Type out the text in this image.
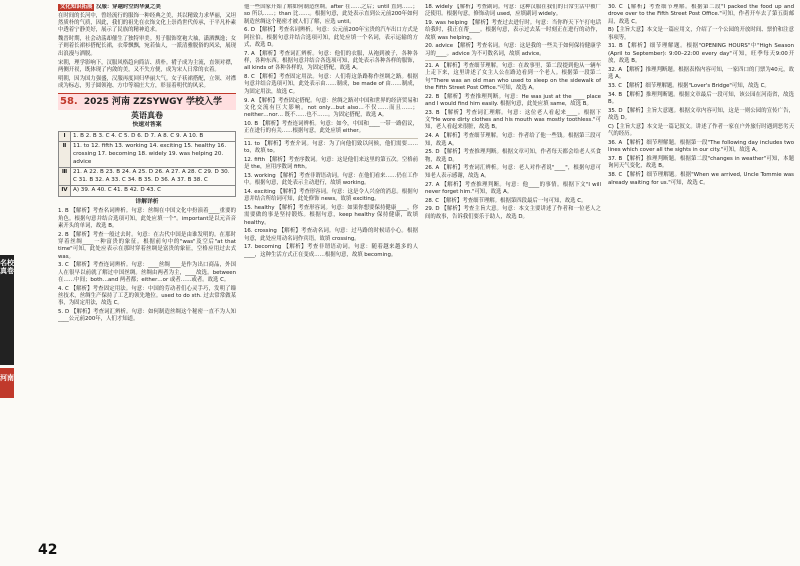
名校真卷
河南
文化知识拓展 汉服：穿越时空的华夏之美
在时间的长河中，曾经流行的服饰一种经典之美，其以精致力求华丽，又坦然质朴的气质，因此，我们的祖先在衣饰文化上崇尚世代传承，于平凡朴素中透着宁静美好，展示了民族的精神追求。
魏晋时期，社会动荡却催生了独特审美。男子服饰宽袍大袖，潇洒飘逸；女子则着长裙衫搭配长裙，衣带飘飘，宛若仙人，一派清雅脱俗的风采，展现出浪漫与洒脱。
宋朝，理学影响下，汉服风格趋向简洁、质朴。褙子成为主流，直领对襟，两侧开衩，既体现了内敛的美，又不失方便，成为宋人日常的衣着。
明朝，因为国力强盛，汉服再度回归华丽大气。女子袄裙搭配，立领、对襟成为标志，男子圆领袍、方巾等端庄大方，彰显着明代的风采。
58. 2025 河南 ZZSYWGY 学校入学
英语真卷
快速对答案
Ⅰ	1. B 2. B 3. C 4. C 5. D 6. D 7. A 8. C 9. A 10. B
Ⅱ	11. to 12. fifth 13. working 14. exciting 15. healthy 16. crossing 17. becoming 18. widely 19. was helping 20. advice
Ⅲ	21. A 22. B 23. B 24. A 25. D 26. A 27. A 28. C 29. D 30. C 31. B 32. A 33. C 34. B 35. D 36. A 37. B 38. C
Ⅳ	A) 39. A 40. C 41. B 42. D 43. C
详解详析
1. B 【解析】考查名词辨析。句意：丝绸在中国文化中扮演着____重要的角色。根据句意并结合选项可知，此处应填一个"。important是以元音音素开头的单词，故选 B。
2. B 【解析】考查一般过去时。句意：在古代中国是由谁发明的。在那时穿着丝绸____一种富贵的象征。根据前句中的"was"及空后"at that time"可知，此处应表示在那时穿着丝绸是富贵的象征，空格应用过去式 was。
3. C 【解析】考查连词辨析。句意：____丝绸____是作为出口商品，外国人在很早以前就了解过中国丝绸。丝绸由两者为主，____故选。between 在……中间；both…and 两者都；either…or 或者……或者。故选 C。
4. C 【解析】考查固定用法。句意：中国的劳动者们心灵手巧，发明了缫丝技术，丝绸生产保持了工艺的领先地位。used to do sth. 过去常常做某事，为固定用法，故选 C。
5. D 【解析】考查词汇辨析。句意：如何制造丝绸这个秘密一直不为人知____公元前200年，人们才知道。
他一些国家开始了解如何制造丝绸。after 在……之后；until 直到……；so 所以……；than 比……。根据句意，此处表示直到公元前200年如何制造丝绸这个秘密才被人们了解，应选 until。
6. D 【解析】考查名词辨析。句意：公元前200年宝贵的汽车出口方式是阿拉伯。根据句意并结合选项可知，此处应填一个名词，表示运输的方式，故选 D。
7. A 【解析】考查词汇辨析。句意：他们的衣服，从袍到被子，各种各样，各种东西。根据句意并结合各选项可知，此处表示各种各样的服饰，all kinds of 各种各样的，为固定搭配，故选 A。
8. C 【解析】考查固定用法。句意：人们将这条路称作丝绸之路。根据句意并结合选项可知，此处表示由……制成，be made of 由……制成，为固定用法，故选 C。
9. A 【解析】考查固定搭配。句意：丝绸之路对中国和世界的经济贸易和文化交流有巨大影响。not only…but also…不仅……而且……；neither…nor… 既不……也不……。为固定搭配，故选 A。
10. B 【解析】考查连词辨析。句意：如今，中国和____一带一路倡议，正在进行的有关……根据句意，此处应填 either。
11. to 【解析】考查介词。句意：为了向他们致以问候，他们需要……to，故填 to。
12. fifth 【解析】考查序数词。句意：这是他们来这里的第五次。空格前是 the，应用序数词 fifth。
13. working 【解析】考查非谓语动词。句意：在他们看来……仍在工作中。根据句意，此处表示主动进行，故填 working。
14. exciting 【解析】考查形容词。句意：这是令人兴奋的消息。根据句意并结合所给词可知，此处修饰 news，故填 exciting。
15. healthy 【解析】考查形容词。句意：如果你想要保持健康____，你需要做的事是坚持锻炼。根据句意，keep healthy 保持健康，故填 healthy。
16. crossing 【解析】考查动名词。句意：过马路的时候请小心。根据句意，此处应用动名词作宾语，故填 crossing。
17. becoming 【解析】考查非谓语动词。句意：随着越来越多的人____，这种生活方式正在变成……根据句意，故填 becoming。
18. widely 【解析】考查副词。句意：这种汉服在我们的日常生活中被广泛使用。根据句意，修饰动词 used，应填副词 widely。
19. was helping 【解析】考查过去进行时。句意：当你昨天下午打电话给我时，我正在帮____。根据句意，表示过去某一时刻正在进行的动作，故填 was helping。
20. advice 【解析】考查名词。句意：这是我的一些关于如何保持健康学习的____。advice 为不可数名词，故填 advice。
21. A 【解析】考查细节理解。句意：在故事里，第二段提到他从一辆车上走下来，这里讲述了女主人公在路边看到一个老人。根据第一段第二句"There was an old man who used to sleep on the sidewalk of the Fifth Street Post Office."可知，故选 A。
22. B 【解析】考查推理判断。句意：He was just at the ____ place and I would find him easily. 根据句意，此处应填 same，故选 B。
23. B 【解析】考查词汇理解。句意：这位老人看起来____。根据下文"He wore dirty clothes and his mouth was mostly toothless."可知，老人看起来很脏，故选 B。
24. A 【解析】考查细节理解。句意：作者给了他一些钱。根据第三段可知，故选 A。
25. D 【解析】考查推理判断。根据文章可知，作者每天都会给老人买食物，故选 D。
26. A 【解析】考查词汇辨析。句意：老人对作者说"____"，根据句意可知老人表示感谢，故选 A。
27. A 【解析】考查推理判断。句意：他____的事情。根据下文"I will never forget him."可知，故选 A。
28. C 【解析】考查细节理解。根据第四段最后一句可知，故选 C。
29. D 【解析】考查主旨大意。句意：本文主要讲述了作者和一位老人之间的故事，告诉我们要乐于助人，故选 D。
30. C 【解析】考查细节理解。根据第二段"I packed the food up and drove over to the Fifth Street Post Office."可知，作者开车去了第五街邮局，故选 C。
B)【主旨大意】本文是一篇应用文，介绍了一个公园的开放时间、票价和注意事项等。
31. B 【解析】细节理解题。根据"OPENING HOURS"中"High Season (April to September): 9:00–22:00 every day"可知，旺季每天9:00开放，故选 B。
32. A 【解析】推理判断题。根据表格内容可知，一家四口的门票为40元，故选 A。
33. C 【解析】细节理解题。根据"Lover's Bridge"可知，故选 C。
34. B 【解析】推理判断题。根据文章最后一段可知，该公园在河南省，故选 B。
35. D 【解析】主旨大意题。根据文章内容可知，这是一则公园的宣传广告，故选 D。
C)【主旨大意】本文是一篇记叙文。讲述了作者一家在户外旅行时遇到恶劣天气的经历。
36. A 【解析】细节理解题。根据第一段"The following day includes two lines which cover all the sights in our city."可知，故选 A。
37. B 【解析】推理判断题。根据第二段"changes in weather"可知，本题询问天气变化，故选 B。
38. C 【解析】细节理解题。根据"When we arrived, Uncle Tommie was already waiting for us."可知，故选 C。
42
